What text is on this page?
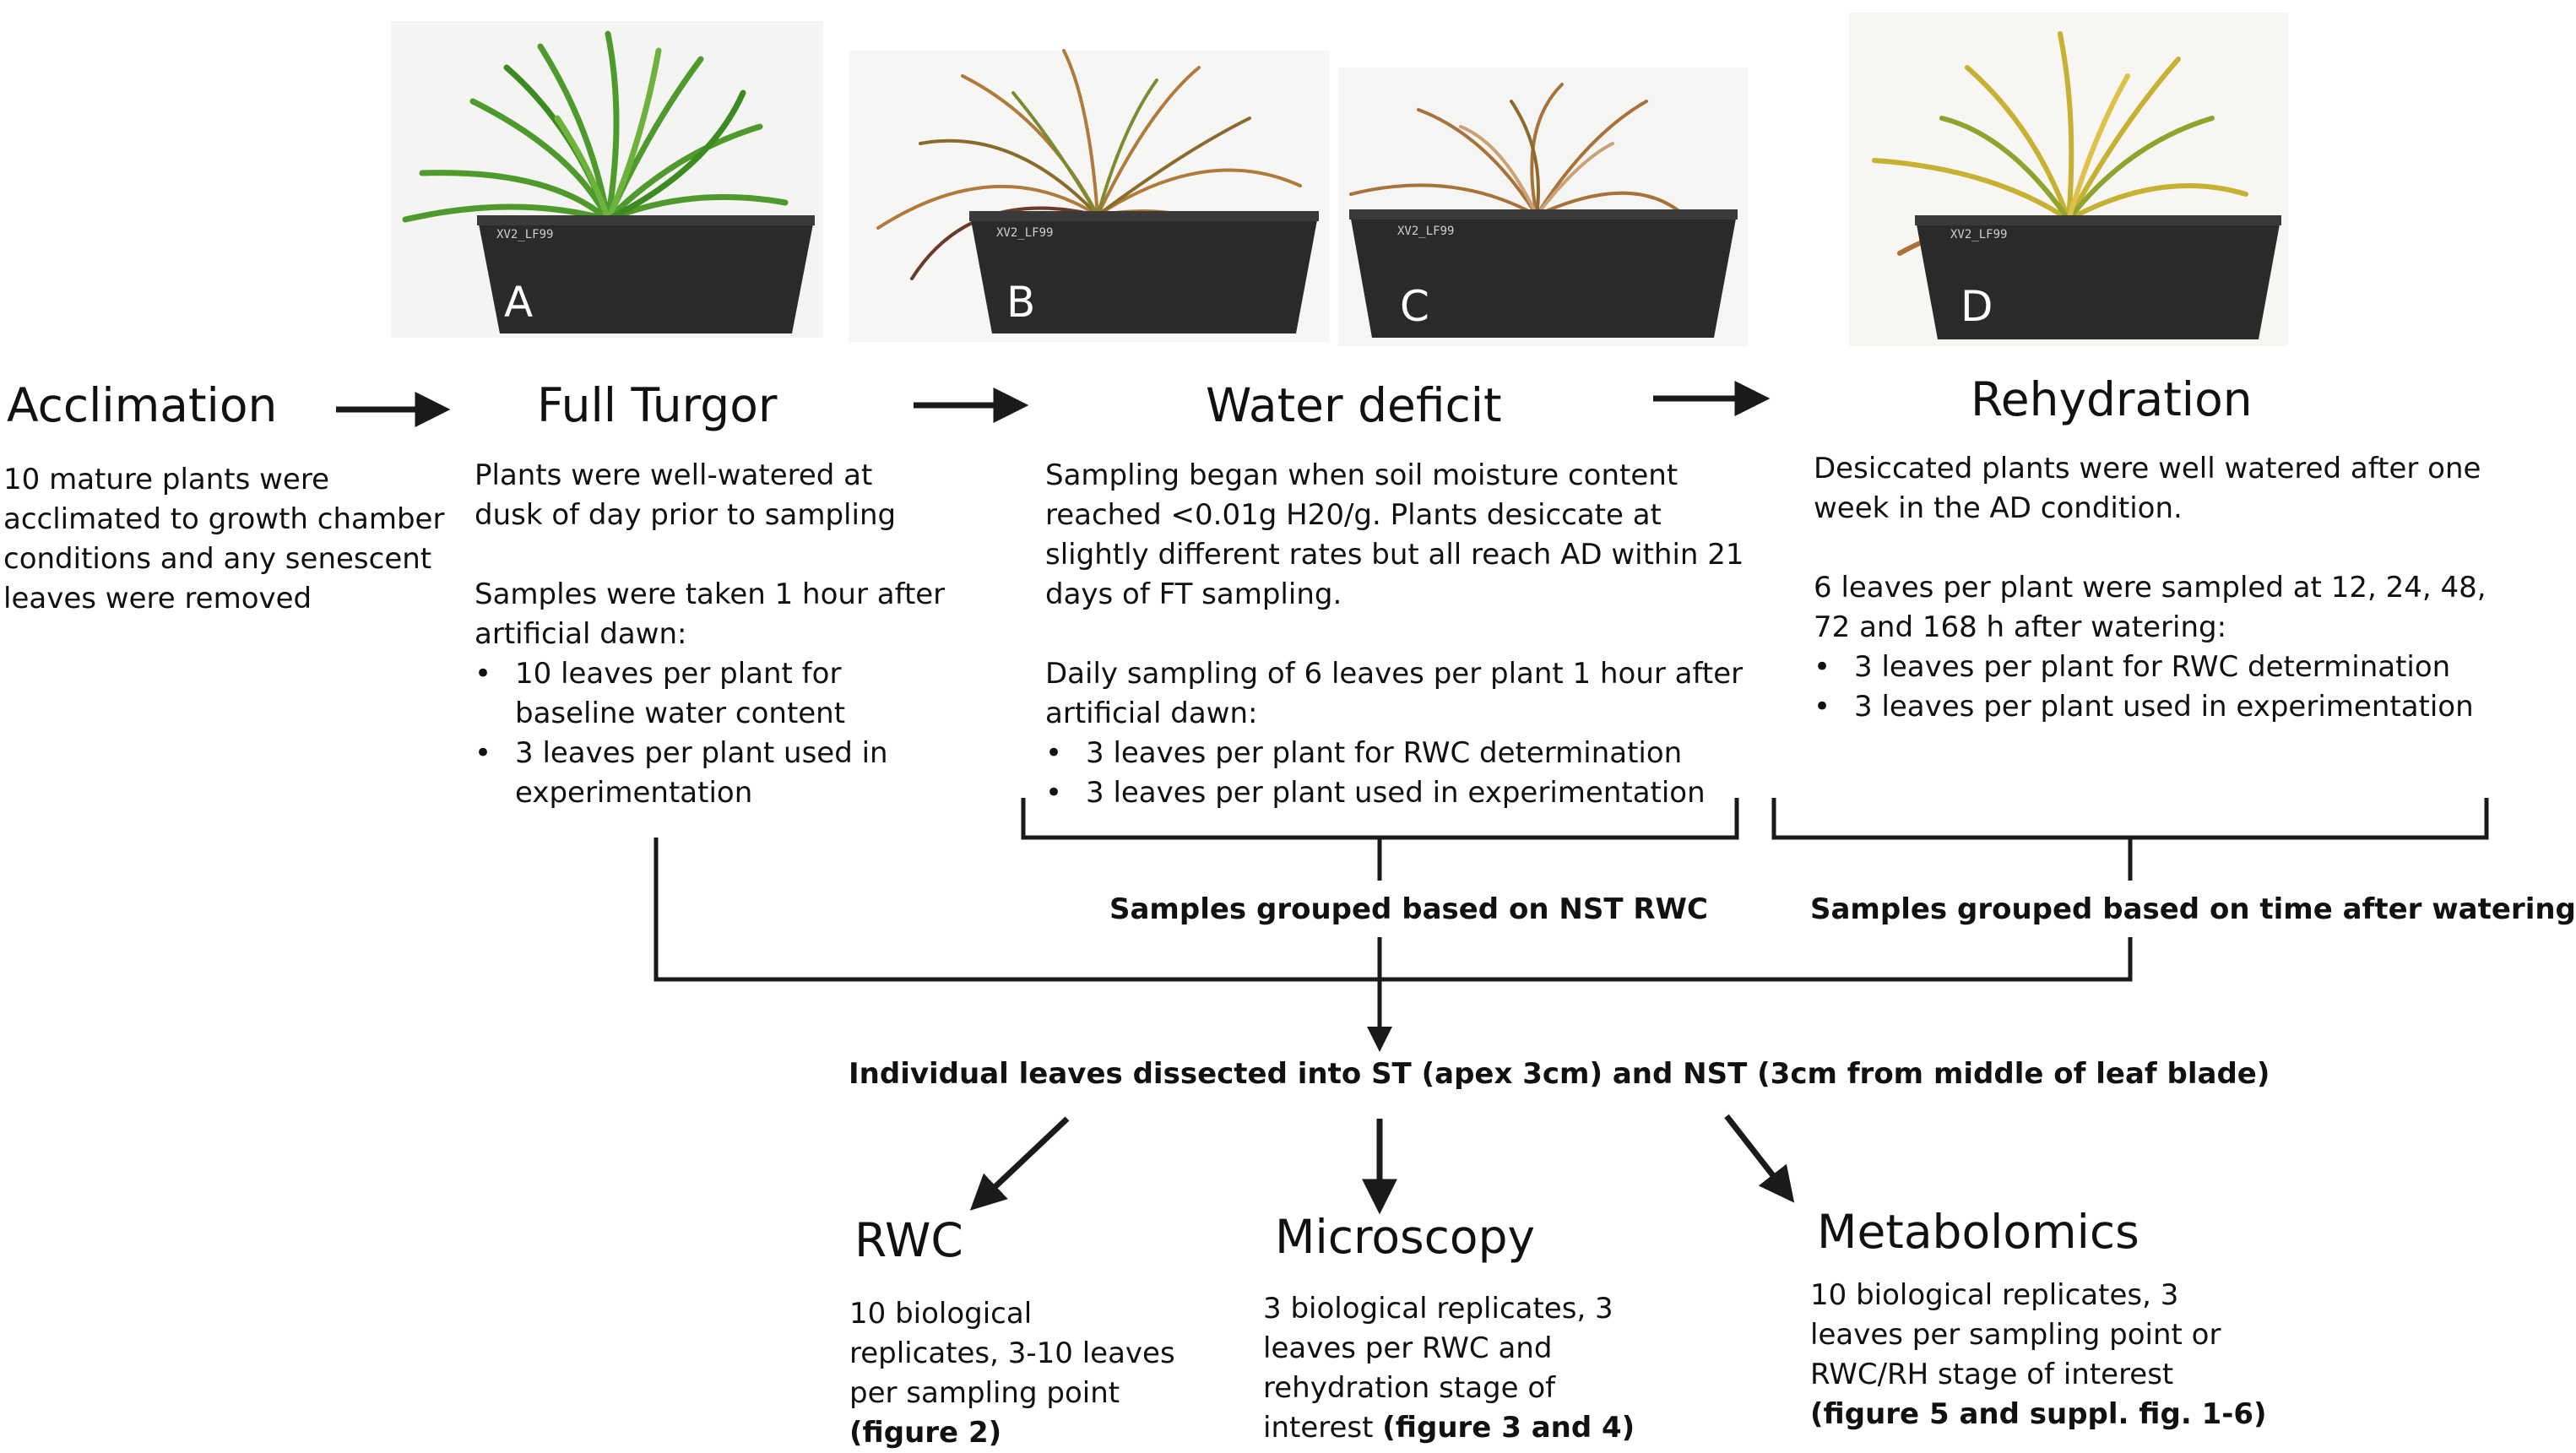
XV2_LF99	XV2_LF99	XV2_LF99	XV2_LF99
A	B	C	D
Acclimation
10 mature plants were
acclimated to growth chamber
conditions and any senescent
leaves were removed
Full Turgor
Plants were well-watered at
dusk of day prior to sampling
Samples were taken 1 hour after
artificial dawn:
• 10 leaves per plant for
baseline water content
• 3 leaves per plant used in
experimentation
Water deficit
Sampling began when soil moisture content
reached <0.01g H20/g. Plants desiccate at
slightly different rates but all reach AD within 21
days of FT sampling.
Daily sampling of 6 leaves per plant 1 hour after
artificial dawn:
• 3 leaves per plant for RWC determination
• 3 leaves per plant used in experimentation
Rehydration
Desiccated plants were well watered after one
week in the AD condition.
6 leaves per plant were sampled at 12, 24, 48,
72 and 168 h after watering:
• 3 leaves per plant for RWC determination
• 3 leaves per plant used in experimentation
Samples grouped based on NST RWC	Samples grouped based on time after watering
Individual leaves dissected into ST (apex 3cm) and NST (3cm from middle of leaf blade)
RWC
10 biological
replicates, 3-10 leaves
per sampling point
(figure 2)
Microscopy
3 biological replicates, 3
leaves per RWC and
rehydration stage of
interest (figure 3 and 4)
Metabolomics
10 biological replicates, 3
leaves per sampling point or
RWC/RH stage of interest
(figure 5 and suppl. fig. 1-6)
